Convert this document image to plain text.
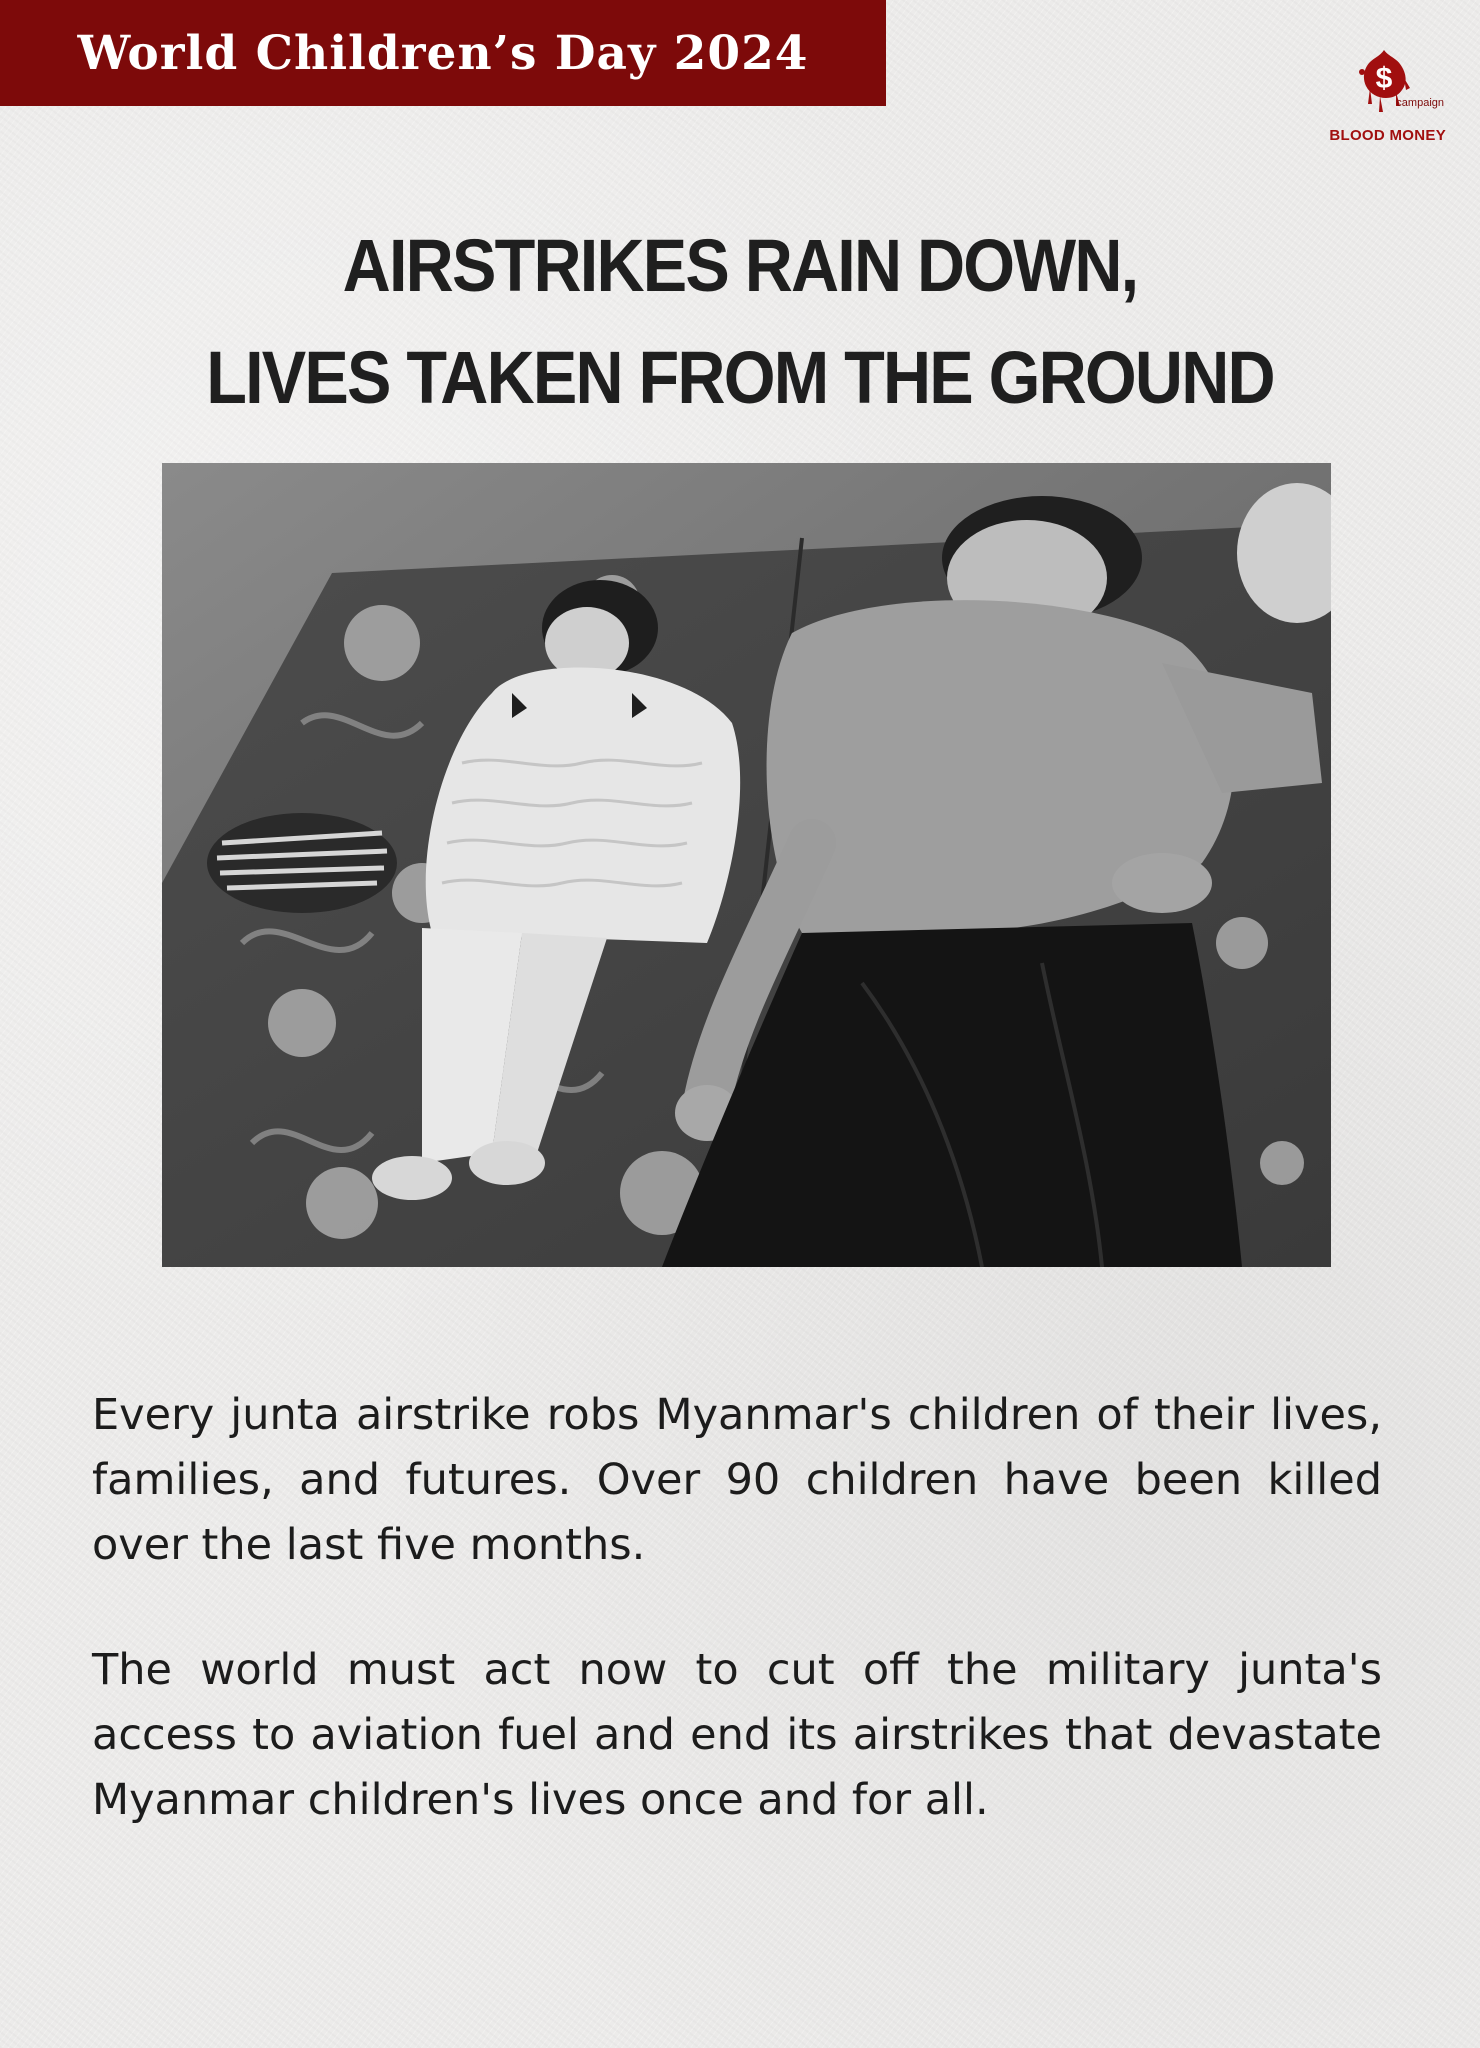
World Children’s Day 2024	$
campaign
BLOOD MONEY
AIRSTRIKES RAIN DOWN,
LIVES TAKEN FROM THE GROUND

Every junta airstrike robs Myanmar's children of their lives, families, and futures. Over 90 children have been killed over the last five months.

The world must act now to cut off the military junta's access to aviation fuel and end its airstrikes that devastate Myanmar children's lives once and for all.
